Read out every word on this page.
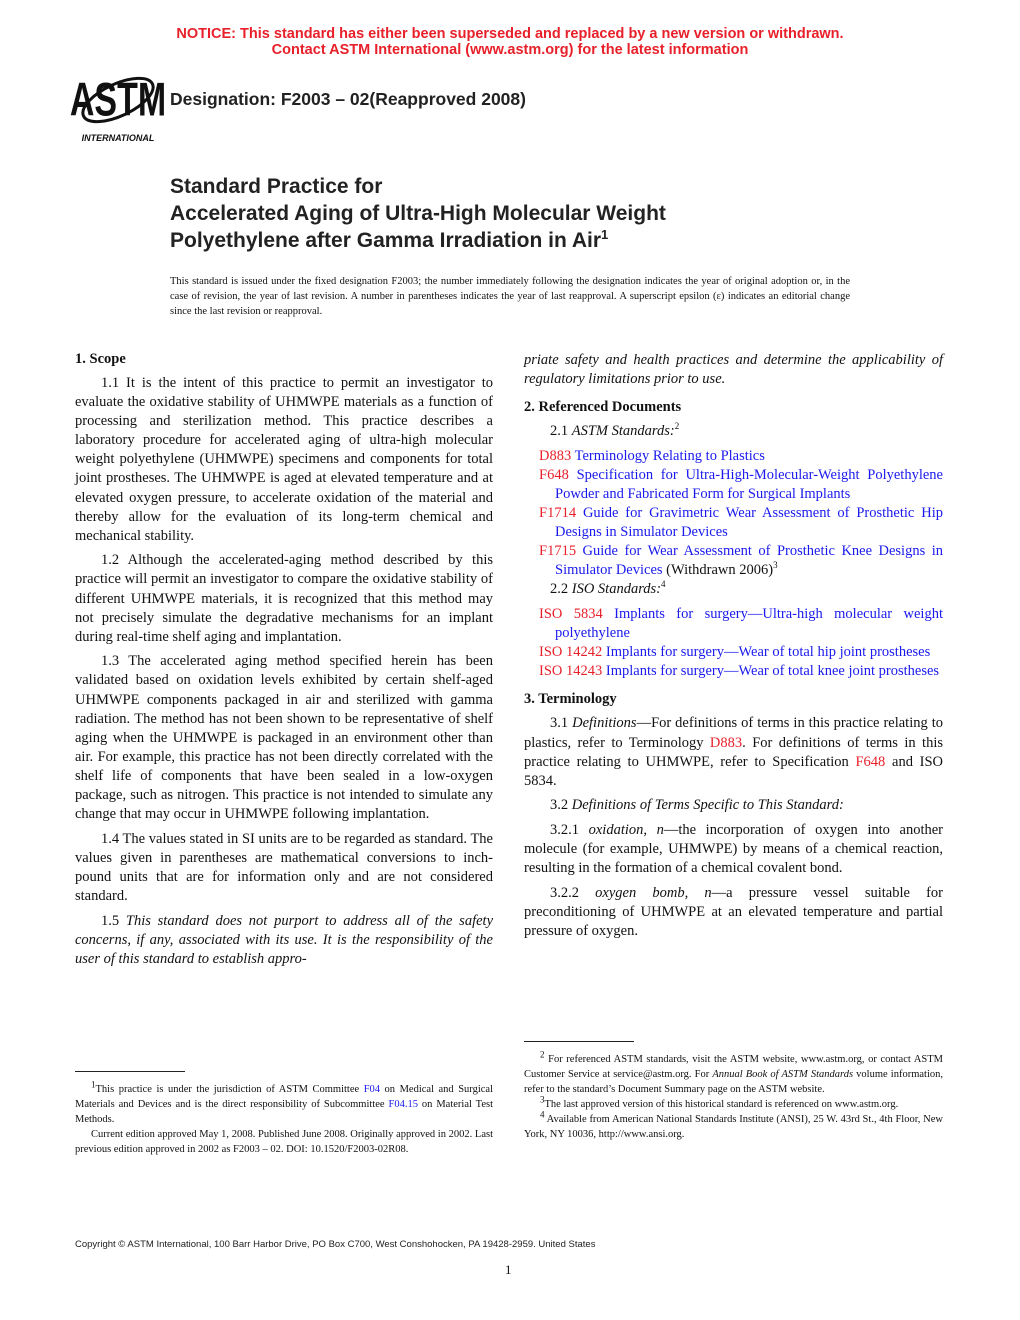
NOTICE: This standard has either been superseded and replaced by a new version or withdrawn.
Contact ASTM International (www.astm.org) for the latest information
ASTM
INTERNATIONAL
Designation: F2003 – 02(Reapproved 2008)
Standard Practice for
Accelerated Aging of Ultra-High Molecular Weight
Polyethylene after Gamma Irradiation in Air$^1$
This standard is issued under the fixed designation F2003; the number immediately following the designation indicates the year of original adoption or, in the case of revision, the year of last revision. A number in parentheses indicates the year of last reapproval. A superscript epsilon (ε) indicates an editorial change since the last revision or reapproval.
1. Scope

1.1 It is the intent of this practice to permit an investigator to evaluate the oxidative stability of UHMWPE materials as a function of processing and sterilization method. This practice describes a laboratory procedure for accelerated aging of ultra-high molecular weight polyethylene (UHMWPE) specimens and components for total joint prostheses. The UHMWPE is aged at elevated temperature and at elevated oxygen pressure, to accelerate oxidation of the material and thereby allow for the evaluation of its long-term chemical and mechanical stability.

1.2 Although the accelerated-aging method described by this practice will permit an investigator to compare the oxidative stability of different UHMWPE materials, it is recognized that this method may not precisely simulate the degradative mechanisms for an implant during real-time shelf aging and implantation.

1.3 The accelerated aging method specified herein has been validated based on oxidation levels exhibited by certain shelf-aged UHMWPE components packaged in air and sterilized with gamma radiation. The method has not been shown to be representative of shelf aging when the UHMWPE is packaged in an environment other than air. For example, this practice has not been directly correlated with the shelf life of components that have been sealed in a low-oxygen package, such as nitrogen. This practice is not intended to simulate any change that may occur in UHMWPE following implantation.

1.4 The values stated in SI units are to be regarded as standard. The values given in parentheses are mathematical conversions to inch-pound units that are for information only and are not considered standard.

1.5 This standard does not purport to address all of the safety concerns, if any, associated with its use. It is the responsibility of the user of this standard to establish appro-

priate safety and health practices and determine the applicability of regulatory limitations prior to use.

2. Referenced Documents

2.1 ASTM Standards:$^2$

D883 Terminology Relating to Plastics

F648 Specification for Ultra-High-Molecular-Weight Polyethylene Powder and Fabricated Form for Surgical Implants

F1714 Guide for Gravimetric Wear Assessment of Prosthetic Hip Designs in Simulator Devices

F1715 Guide for Wear Assessment of Prosthetic Knee Designs in Simulator Devices (Withdrawn 2006)$^3$

2.2 ISO Standards:$^4$

ISO 5834 Implants for surgery—Ultra-high molecular weight polyethylene

ISO 14242 Implants for surgery—Wear of total hip joint prostheses

ISO 14243 Implants for surgery—Wear of total knee joint prostheses

3. Terminology

3.1 Definitions—For definitions of terms in this practice relating to plastics, refer to Terminology D883. For definitions of terms in this practice relating to UHMWPE, refer to Specification F648 and ISO 5834.

3.2 Definitions of Terms Specific to This Standard:

3.2.1 oxidation, n—the incorporation of oxygen into another molecule (for example, UHMWPE) by means of a chemical reaction, resulting in the formation of a chemical covalent bond.

3.2.2 oxygen bomb, n—a pressure vessel suitable for preconditioning of UHMWPE at an elevated temperature and partial pressure of oxygen.

$^1$This practice is under the jurisdiction of ASTM Committee F04 on Medical and Surgical Materials and Devices and is the direct responsibility of Subcommittee F04.15 on Material Test Methods.

Current edition approved May 1, 2008. Published June 2008. Originally approved in 2002. Last previous edition approved in 2002 as F2003 – 02. DOI: 10.1520/F2003-02R08.

$^2$ For referenced ASTM standards, visit the ASTM website, www.astm.org, or contact ASTM Customer Service at service@astm.org. For Annual Book of ASTM Standards volume information, refer to the standard’s Document Summary page on the ASTM website.

$^3$The last approved version of this historical standard is referenced on www.astm.org.

$^4$ Available from American National Standards Institute (ANSI), 25 W. 43rd St., 4th Floor, New York, NY 10036, http://www.ansi.org.

Copyright © ASTM International, 100 Barr Harbor Drive, PO Box C700, West Conshohocken, PA 19428-2959. United States
1
